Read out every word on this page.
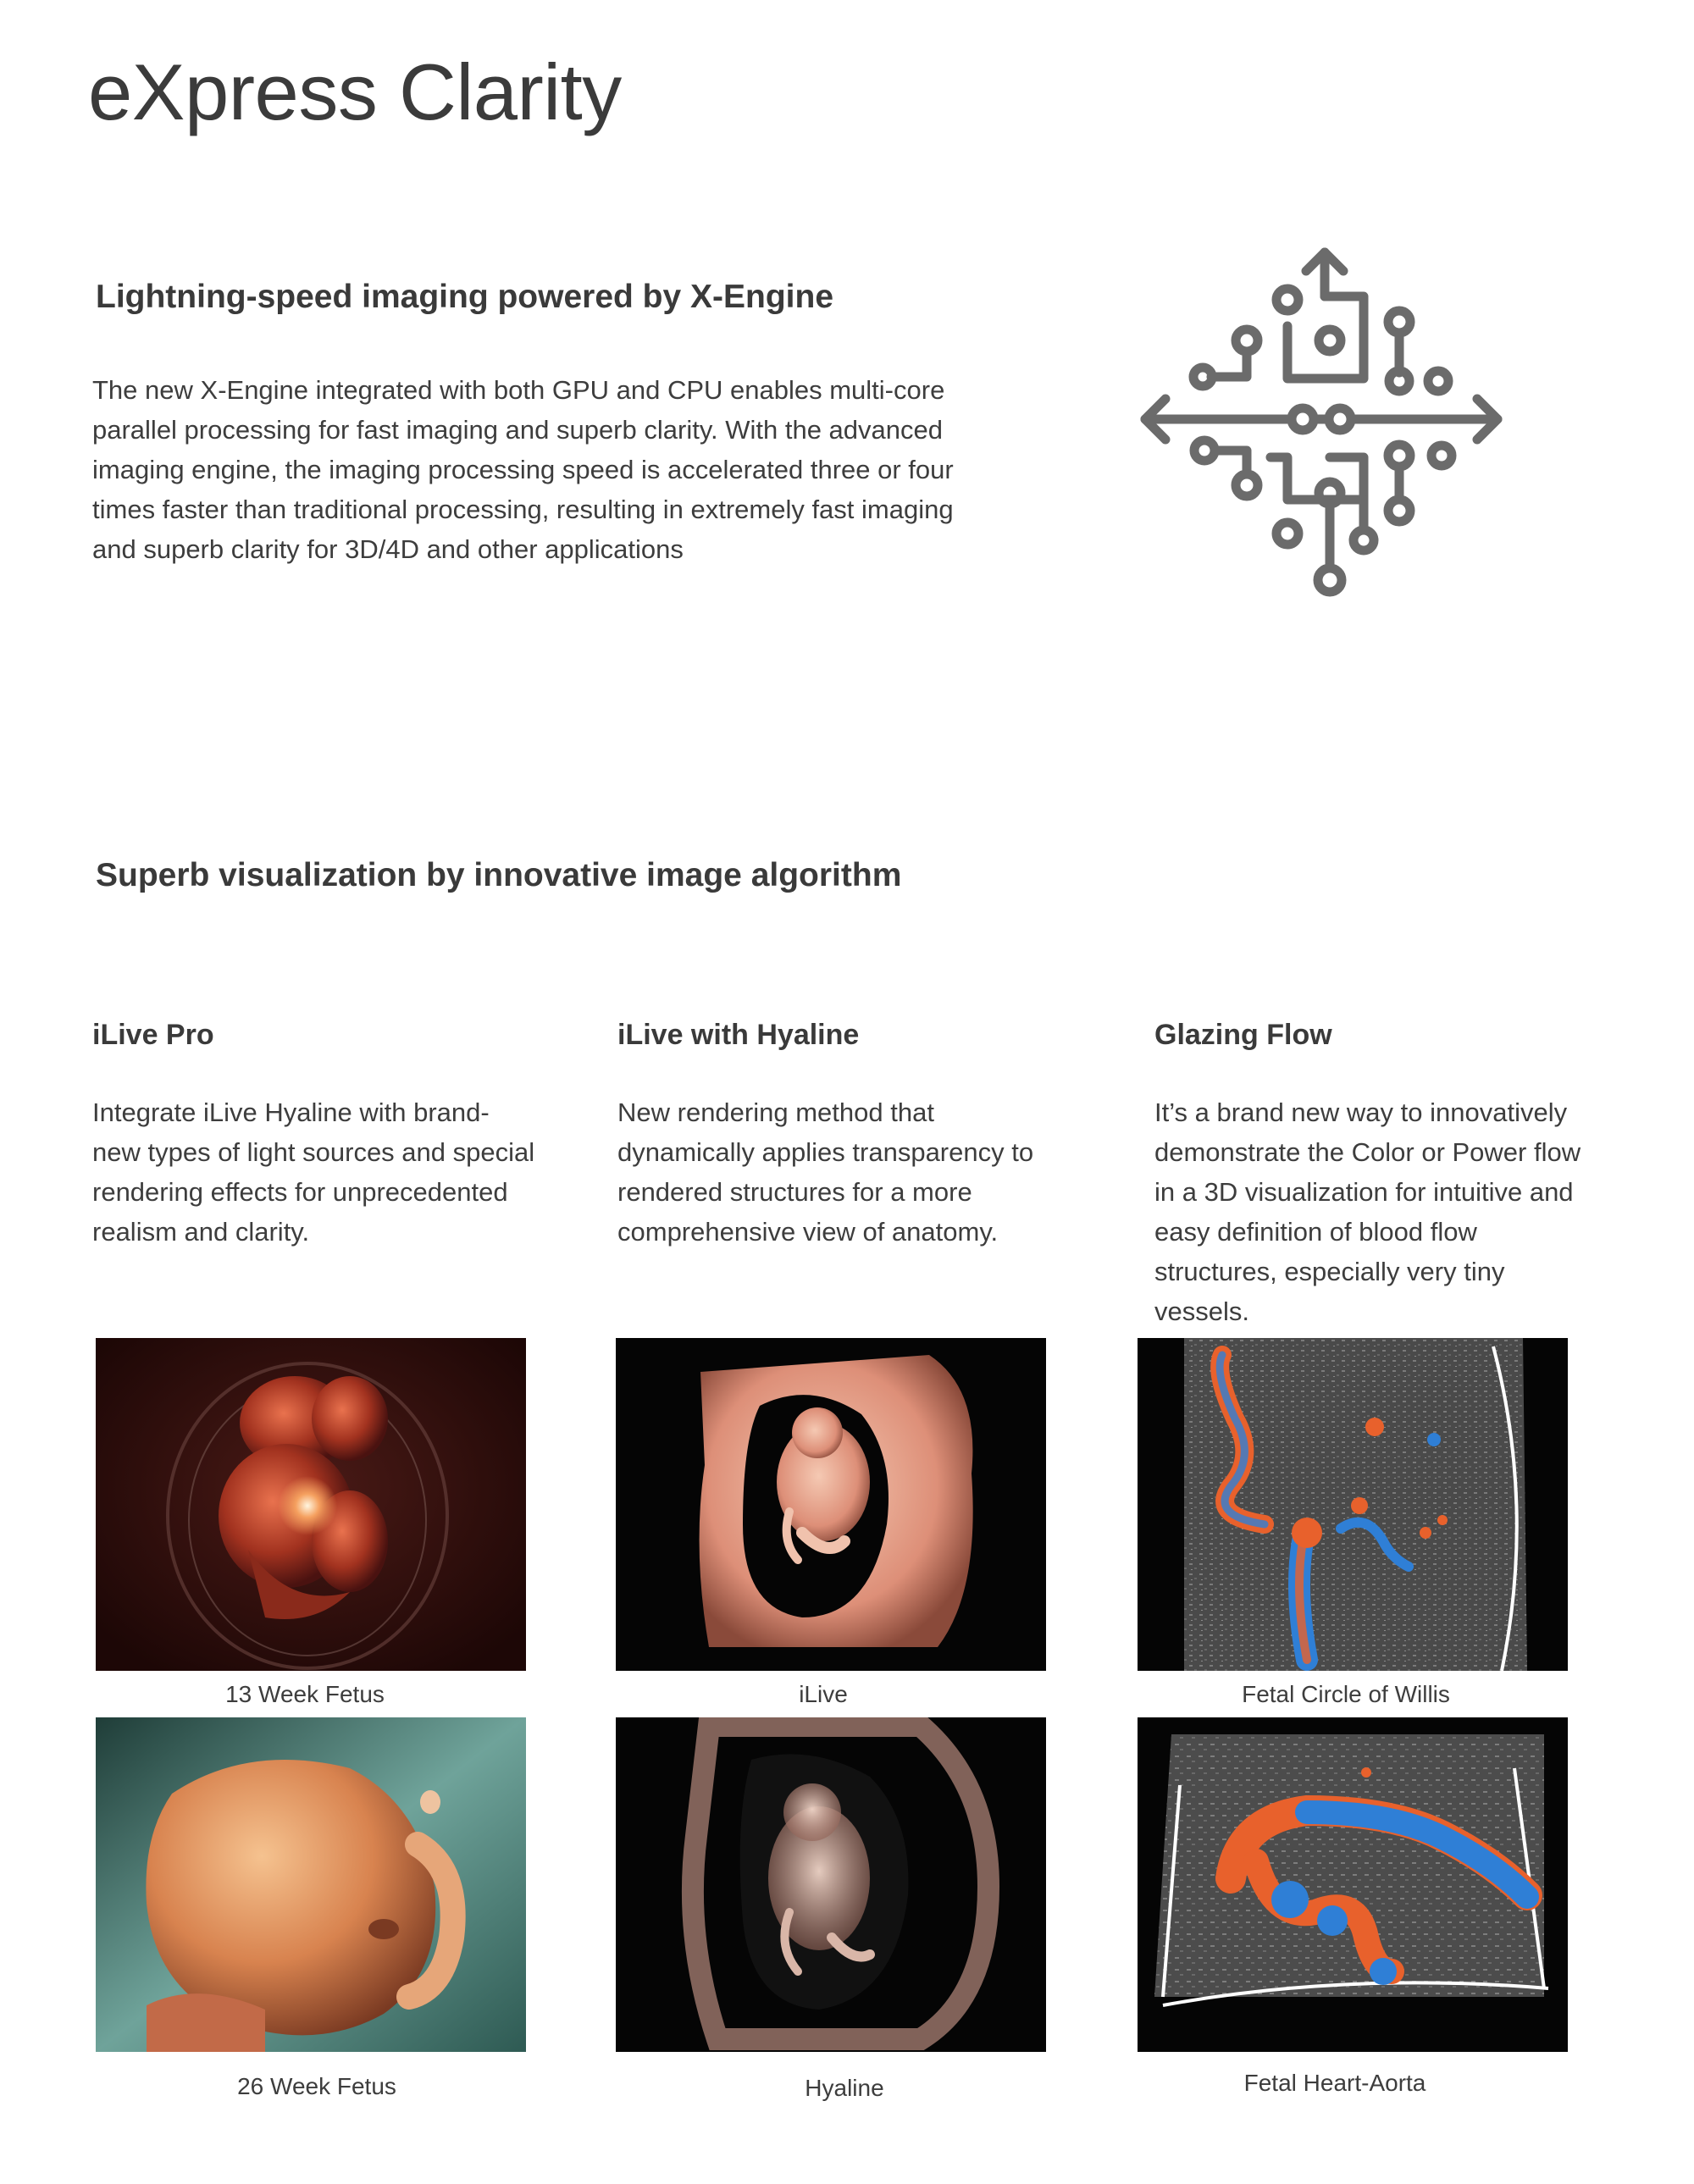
eXpress Clarity
Lightning-speed imaging powered by X-Engine
The new X-Engine integrated with both GPU and CPU enables multi-core parallel processing for fast imaging and superb clarity. With the advanced imaging engine, the imaging processing speed is accelerated three or four times faster than traditional processing, resulting in extremely fast imaging and superb clarity for 3D/4D and other applications
Superb visualization by innovative image algorithm
iLive Pro	iLive with Hyaline	Glazing Flow
Integrate iLive Hyaline with brand-new types of light sources and special rendering effects for unprecedented realism and clarity.
New rendering method that dynamically applies transparency to rendered structures for a more comprehensive view of anatomy.
It’s a brand new way to innovatively demonstrate the Color or Power flow in a 3D visualization for intuitive and easy definition of blood flow structures, especially very tiny vessels.
13 Week Fetus	iLive	Fetal Circle of Willis
26 Week Fetus	Hyaline	Fetal Heart-Aorta
